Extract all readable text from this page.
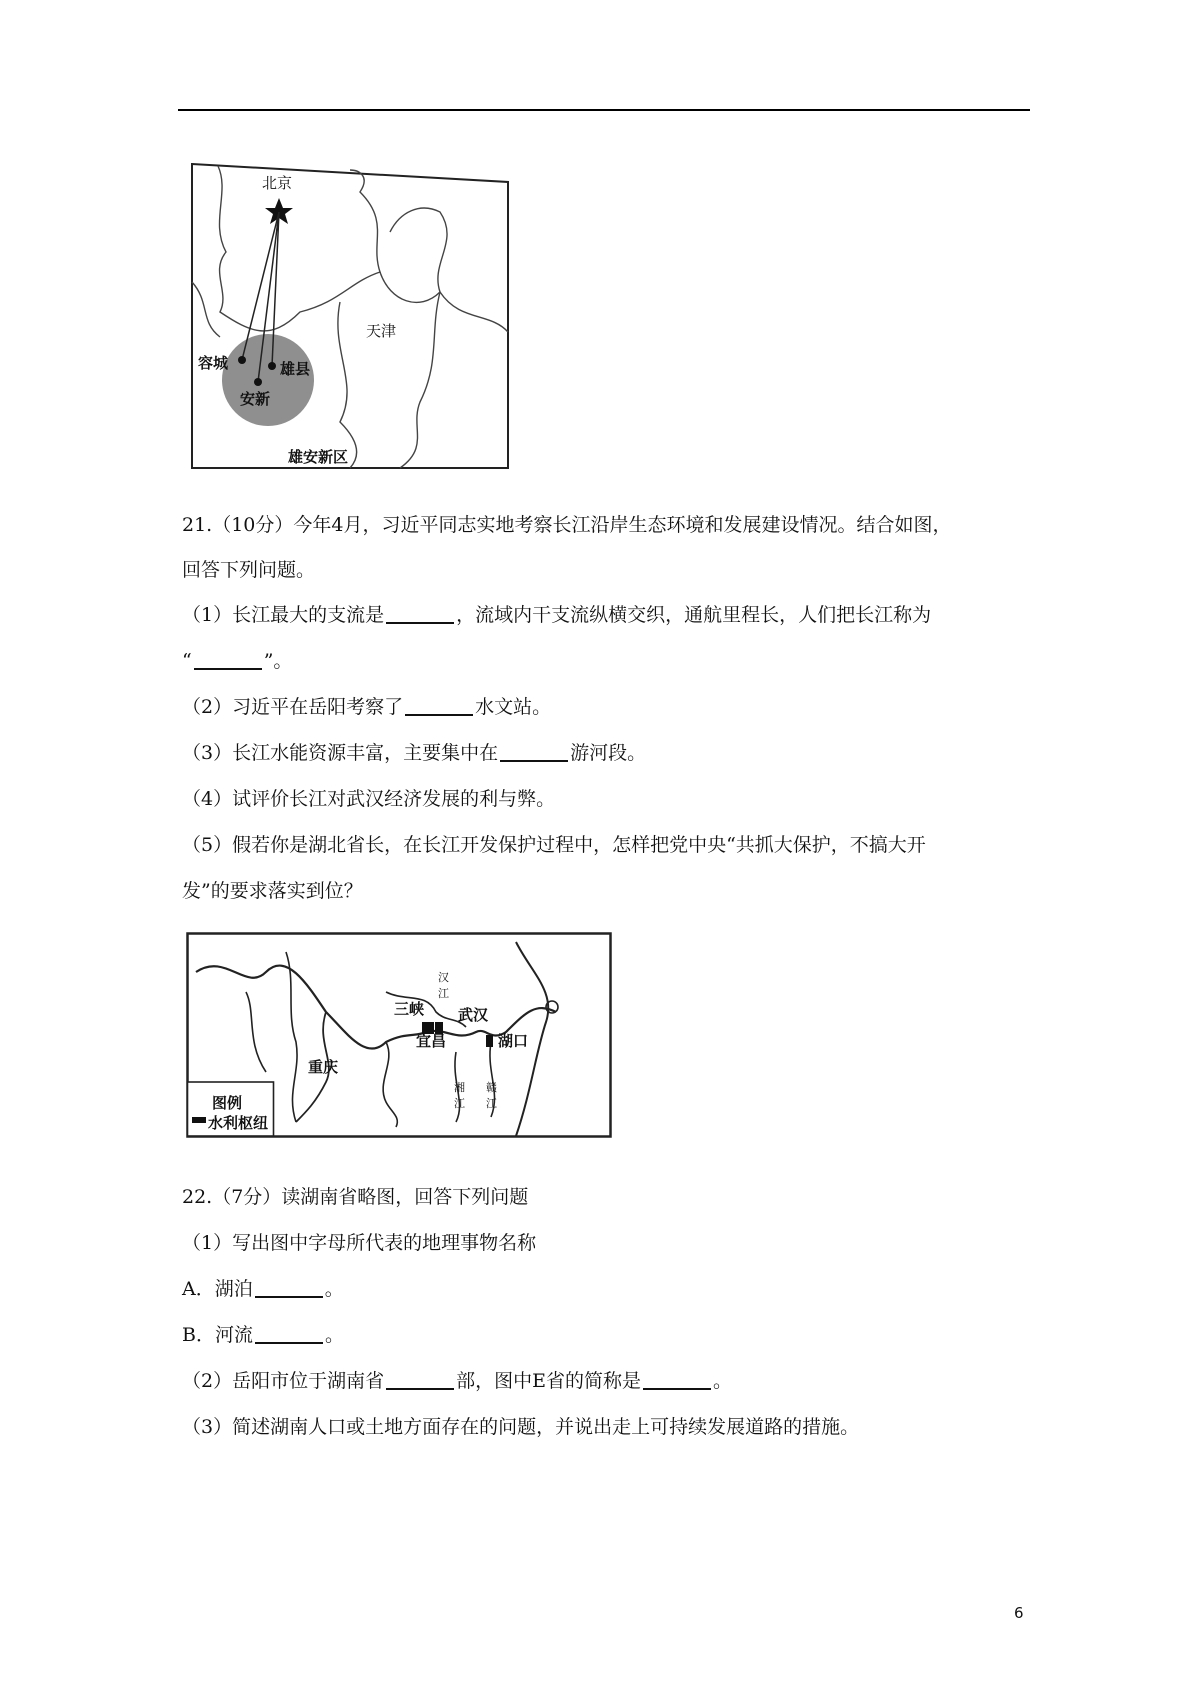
北京
天津
容城	雄县
安新
雄安新区
21.（10分）今年4月，习近平同志实地考察长江沿岸生态环境和发展建设情况。结合如图，
回答下列问题。
（1）长江最大的支流是	，流域内干支流纵横交织，通航里程长，人们把长江称为
“	”。
（2）习近平在岳阳考察了	水文站。
（3）长江水能资源丰富，主要集中在	游河段。
（4）试评价长江对武汉经济发展的利与弊。
（5）假若你是湖北省长，在长江开发保护过程中，怎样把党中央“共抓大保护，不搞大开
发”的要求落实到位？
三峡 武汉
宜昌	湖口
重庆
汉
江
湘
江
赣
江
图例
水利枢纽
22.（7分）读湖南省略图，回答下列问题
（1）写出图中字母所代表的地理事物名称
A．湖泊	。
B．河流	。
（2）岳阳市位于湖南省	部，图中E省的简称是	。
（3）简述湖南人口或土地方面存在的问题，并说出走上可持续发展道路的措施。
6
